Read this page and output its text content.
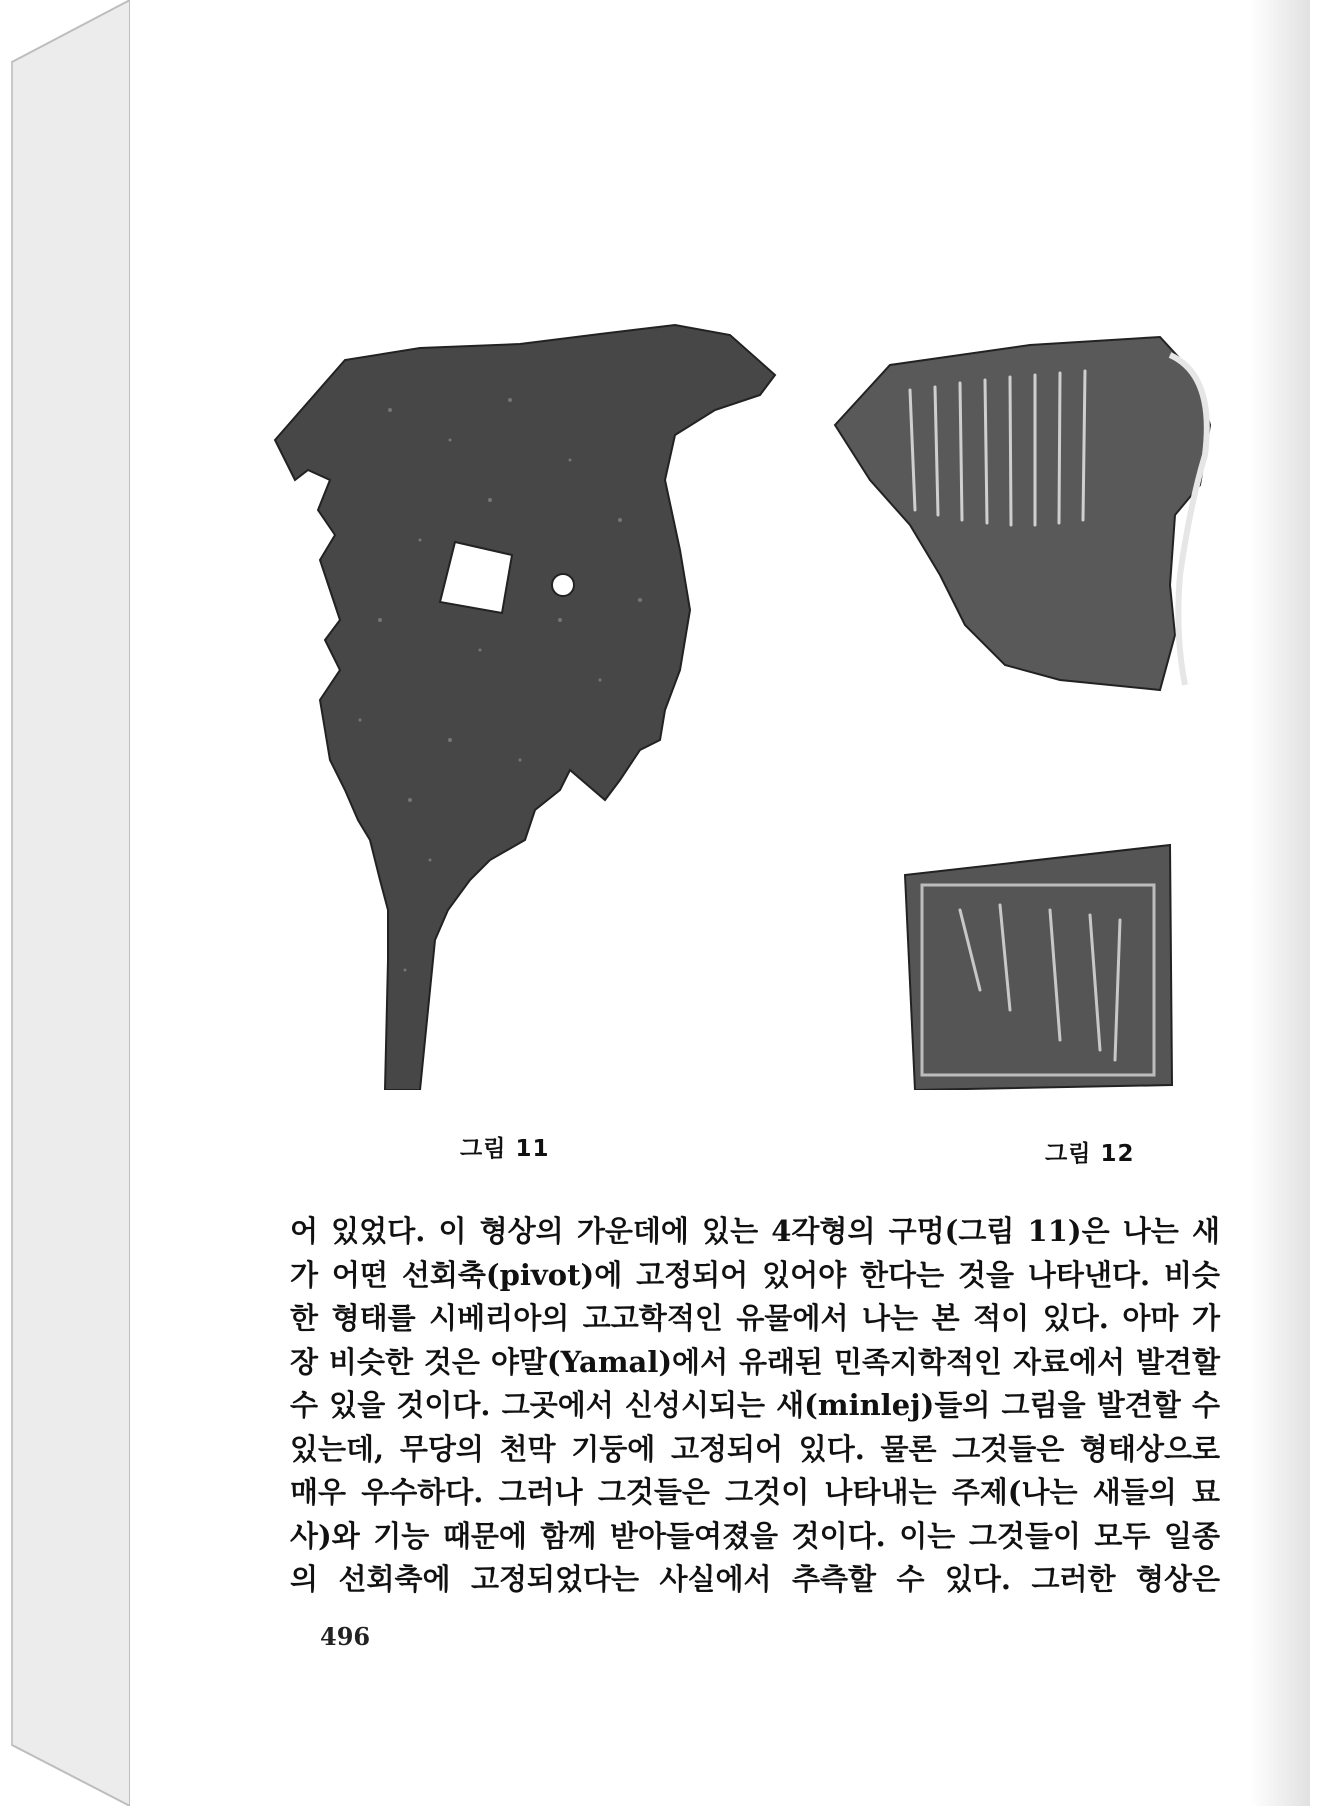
그림 11	그림 12
어 있었다. 이 형상의 가운데에 있는 4각형의 구멍(그림 11)은 나는 새
가 어떤 선회축(pivot)에 고정되어 있어야 한다는 것을 나타낸다. 비슷
한 형태를 시베리아의 고고학적인 유물에서 나는 본 적이 있다. 아마 가
장 비슷한 것은 야말(Yamal)에서 유래된 민족지학적인 자료에서 발견할
수 있을 것이다. 그곳에서 신성시되는 새(minlej)들의 그림을 발견할 수
있는데, 무당의 천막 기둥에 고정되어 있다. 물론 그것들은 형태상으로
매우 우수하다. 그러나 그것들은 그것이 나타내는 주제(나는 새들의 묘
사)와 기능 때문에 함께 받아들여졌을 것이다. 이는 그것들이 모두 일종
의 선회축에 고정되었다는 사실에서 추측할 수 있다. 그러한 형상은
496
